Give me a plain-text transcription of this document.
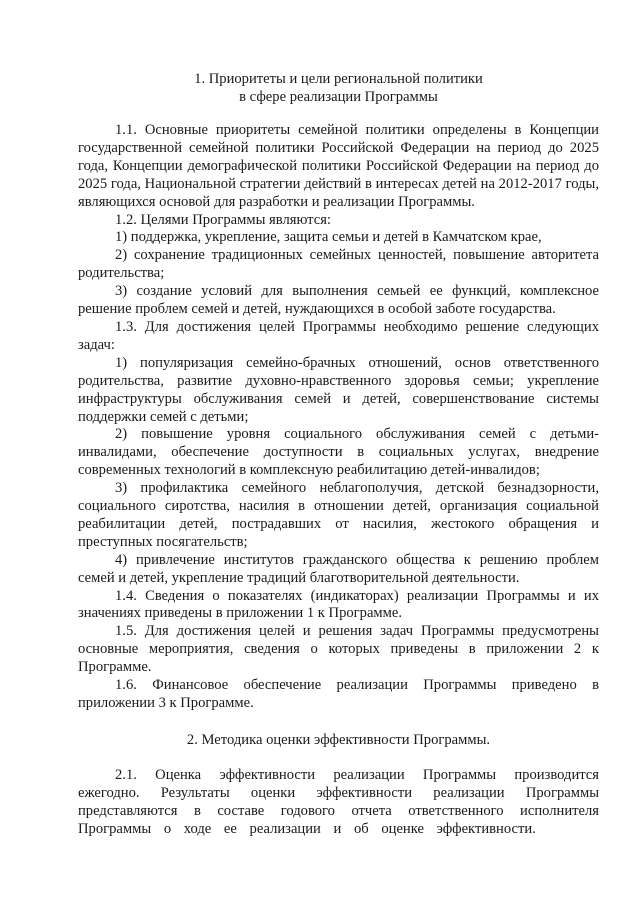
1. Приоритеты и цели региональной политики
в сфере реализации Программы

1.1. Основные приоритеты семейной политики определены в Концепции государственной семейной политики Российской Федерации на период до 2025 года, Концепции демографической политики Российской Федерации на период до 2025 года, Национальной стратегии действий в интересах детей на 2012-2017 годы, являющихся основой для разработки и реализации Программы.

1.2. Целями Программы являются:

1) поддержка, укрепление, защита семьи и детей в Камчатском крае,

2) сохранение традиционных семейных ценностей, повышение авторитета родительства;

3) создание условий для выполнения семьей ее функций, комплексное решение проблем семей и детей, нуждающихся в особой заботе государства.

1.3. Для достижения целей Программы необходимо решение следующих задач:

1) популяризация семейно-брачных отношений, основ ответственного родительства, развитие духовно-нравственного здоровья семьи; укрепление инфраструктуры обслуживания семей и детей, совершенствование системы поддержки семей с детьми;

2) повышение уровня социального обслуживания семей с детьми-инвалидами, обеспечение доступности в социальных услугах, внедрение современных технологий в комплексную реабилитацию детей-инвалидов;

3) профилактика семейного неблагополучия, детской безнадзорности, социального сиротства, насилия в отношении детей, организация социальной реабилитации детей, пострадавших от насилия, жестокого обращения и преступных посягательств;

4) привлечение институтов гражданского общества к решению проблем семей и детей, укрепление традиций благотворительной деятельности.

1.4. Сведения о показателях (индикаторах) реализации Программы и их значениях приведены в приложении 1 к Программе.

1.5. Для достижения целей и решения задач Программы предусмотрены основные мероприятия, сведения о которых приведены в приложении 2 к Программе.

1.6. Финансовое обеспечение реализации Программы приведено в приложении 3 к Программе.

2. Методика оценки эффективности Программы.

2.1. Оценка эффективности реализации Программы производится ежегодно. Результаты оценки эффективности реализации Программы представляются в составе годового отчета ответственного исполнителя Программы о ходе ее реализации и об оценке эффективности.
